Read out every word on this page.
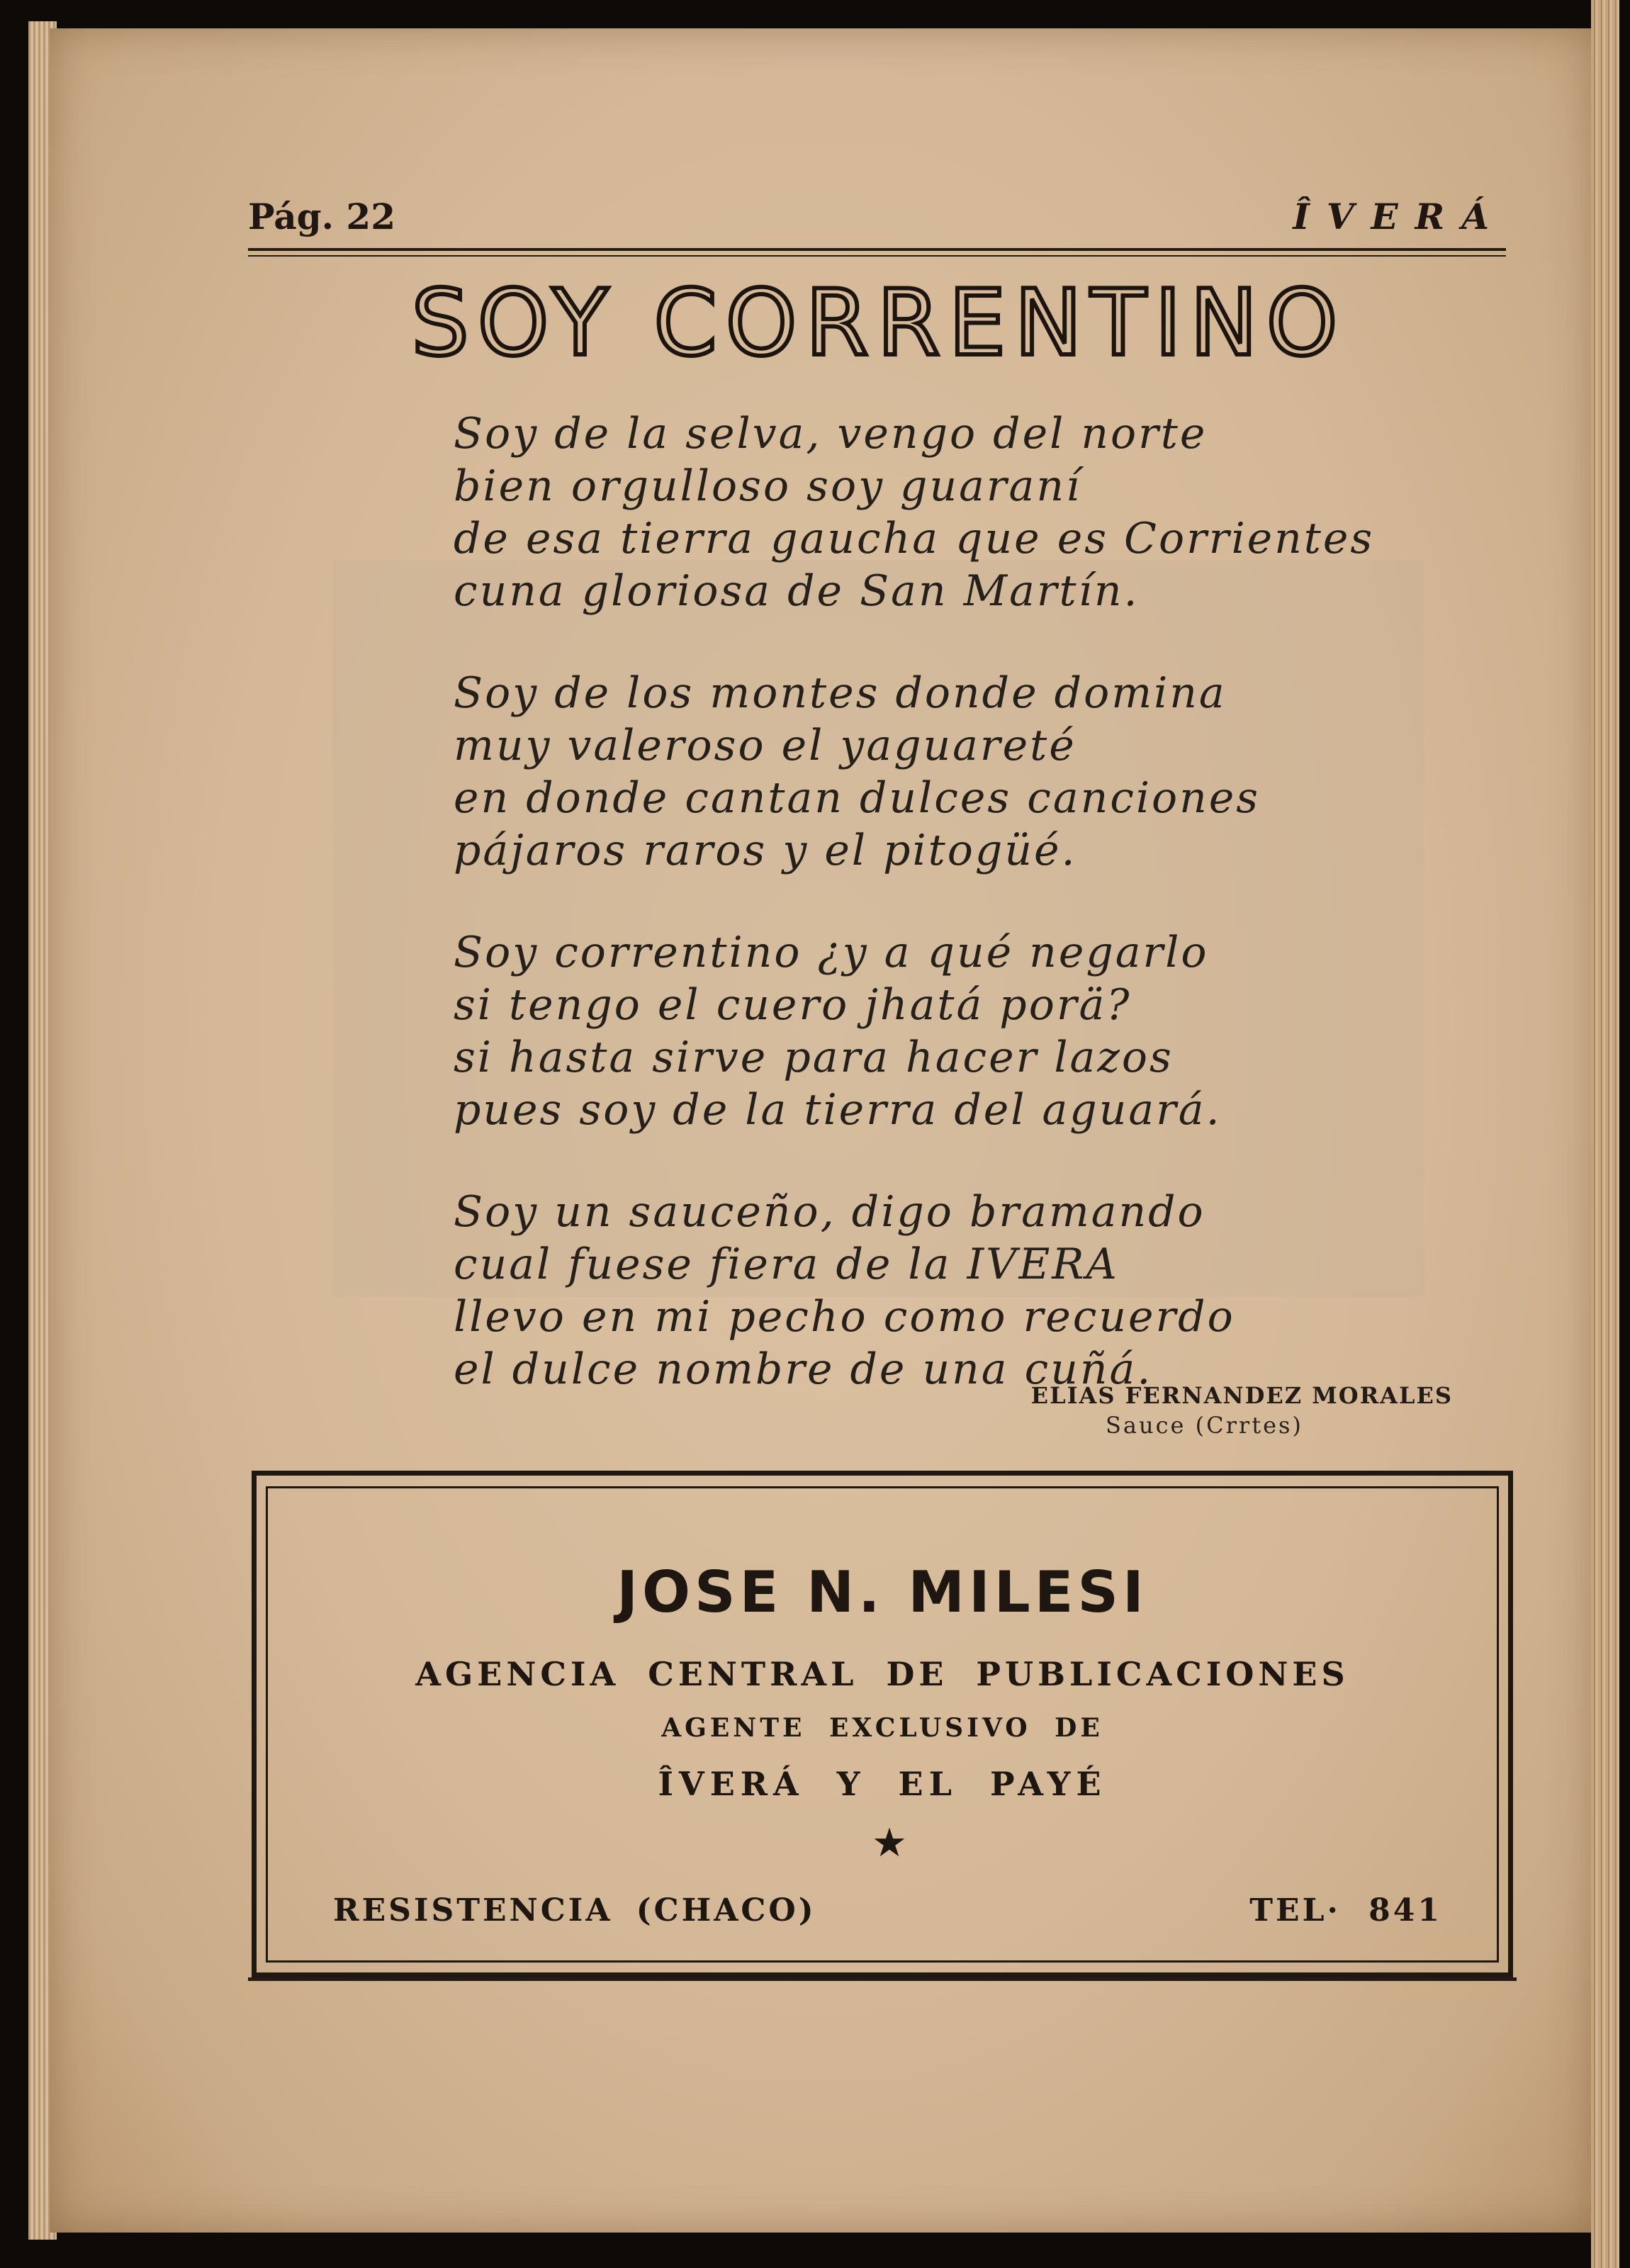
Pág. 22	ÎVERÁ
SOY CORRENTINO
Soy de la selva, vengo del norte
bien orgulloso soy guaraní
de esa tierra gaucha que es Corrientes
cuna gloriosa de San Martín.
Soy de los montes donde domina
muy valeroso el yaguareté
en donde cantan dulces canciones
pájaros raros y el pitogüé.
Soy correntino ¿y a qué negarlo
si tengo el cuero jhatá porä?
si hasta sirve para hacer lazos
pues soy de la tierra del aguará.
Soy un sauceño, digo bramando
cual fuese fiera de la IVERA
llevo en mi pecho como recuerdo
el dulce nombre de una cuñá.
ELIAS FERNANDEZ MORALES
Sauce (Crrtes)
JOSE N. MILESI
AGENCIA CENTRAL DE PUBLICACIONES
AGENTE EXCLUSIVO DE
ÎVERÁ Y EL PAYÉ
★
RESISTENCIA (CHACO)	TEL· 841
